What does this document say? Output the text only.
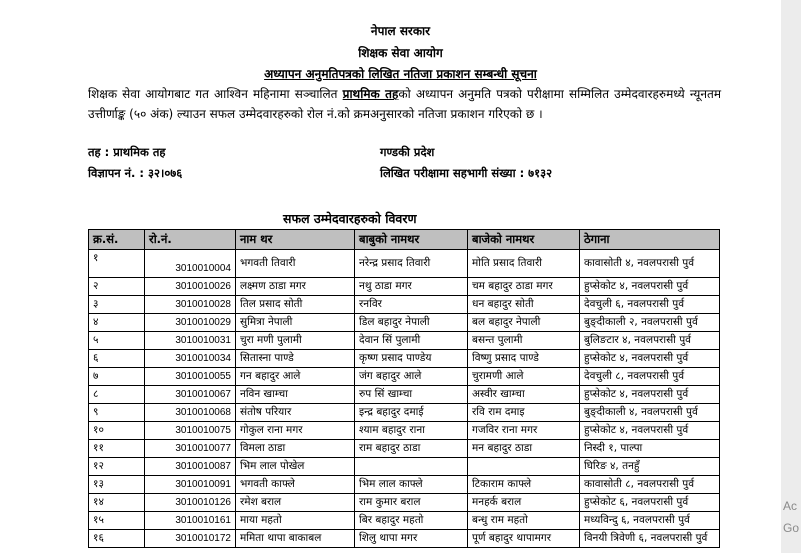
नेपाल सरकार
शिक्षक सेवा आयोग
अध्यापन अनुमतिपत्रको लिखित नतिजा प्रकाशन सम्बन्धी सूचना
शिक्षक सेवा आयोगबाट गत आश्विन महिनामा सञ्चालित प्राथमिक तहको अध्यापन अनुमति पत्रको परीक्षामा सम्मिलित उम्मेदवारहरुमध्ये न्यूनतम उत्तीर्णाङ्क (५० अंक) ल्याउन सफल उम्मेदवारहरुको रोल नं.को क्रमअनुसारको नतिजा प्रकाशन गरिएको छ ।
तह : प्राथमिक तह	गण्डकी प्रदेश
विज्ञापन नं. : ३२।०७६	लिखित परीक्षामा सहभागी संख्या : ७१३२
सफल उम्मेदवारहरुको विवरण
क्र.सं.	रो.नं.	नाम थर	बाबुको नामथर	बाजेको नामथर	ठेगाना
१	3010010004	भगवती तिवारी	नरेन्द्र प्रसाद तिवारी	मोति प्रसाद तिवारी	कावासोती ४, नवलपरासी पुर्व
२	3010010026	लक्ष्मण ठाडा मगर	नथु ठाडा मगर	चम बहादुर ठाडा मगर	हुप्सेकोट ४, नवलपरासी पुर्व
३	3010010028	तिल प्रसाद सोती	रनविर	धन बहादुर सोती	देवचुली ६, नवलपरासी पुर्व
४	3010010029	सुमित्रा नेपाली	डिल बहादुर नेपाली	बल बहादुर नेपाली	बुङ्दीकाली २, नवलपरासी पुर्व
५	3010010031	चुरा मणी पुलामी	देवान सिं पुलामी	बसन्त पुलामी	बुलिङटार ४, नवलपरासी पुर्व
६	3010010034	सितास्ना पाण्डे	कृष्ण प्रसाद पाण्डेय	विष्णु प्रसाद पाण्डे	हुप्सेकोट ४, नवलपरासी पुर्व
७	3010010055	गन बहादुर आले	जंग बहादुर आले	चुरामणी आले	देवचुली ८, नवलपरासी पुर्व
८	3010010067	नविन खाम्चा	रुप सिं खाम्चा	अस्वीर खाम्चा	हुप्सेकोट ४, नवलपरासी पुर्व
९	3010010068	संतोष परियार	इन्द्र बहादुर दमाई	रवि राम दमाइ	बुङ्दीकाली ४, नवलपरासी पुर्व
१०	3010010075	गोकुल राना मगर	श्याम बहादुर राना	गजविर राना मगर	हुप्सेकोट ४, नवलपरासी पुर्व
११	3010010077	विमला ठाडा	राम बहादुर ठाडा	मन बहादुर ठाडा	निस्दी १, पाल्पा
१२	3010010087	भिम लाल पोखेल			घिरिङ ४, तनहुँ
१३	3010010091	भगवती काफ्ले	भिम लाल काफ्ले	टिकाराम काफ्ले	कावासोती ८, नवलपरासी पुर्व
१४	3010010126	रमेश बराल	राम कुमार बराल	मनहर्क बराल	हुप्सेकोट ६, नवलपरासी पुर्व
१५	3010010161	माया महतो	बिर बहादुर महतो	बन्धु राम महतो	मध्यविन्दु ६, नवलपरासी पुर्व
१६	3010010172	ममिता थापा बाकाबल	शिलु थापा मगर	पूर्ण बहादुर थापामगर	विनयी त्रिवेणी ६, नवलपरासी पुर्व
Ac
Go
